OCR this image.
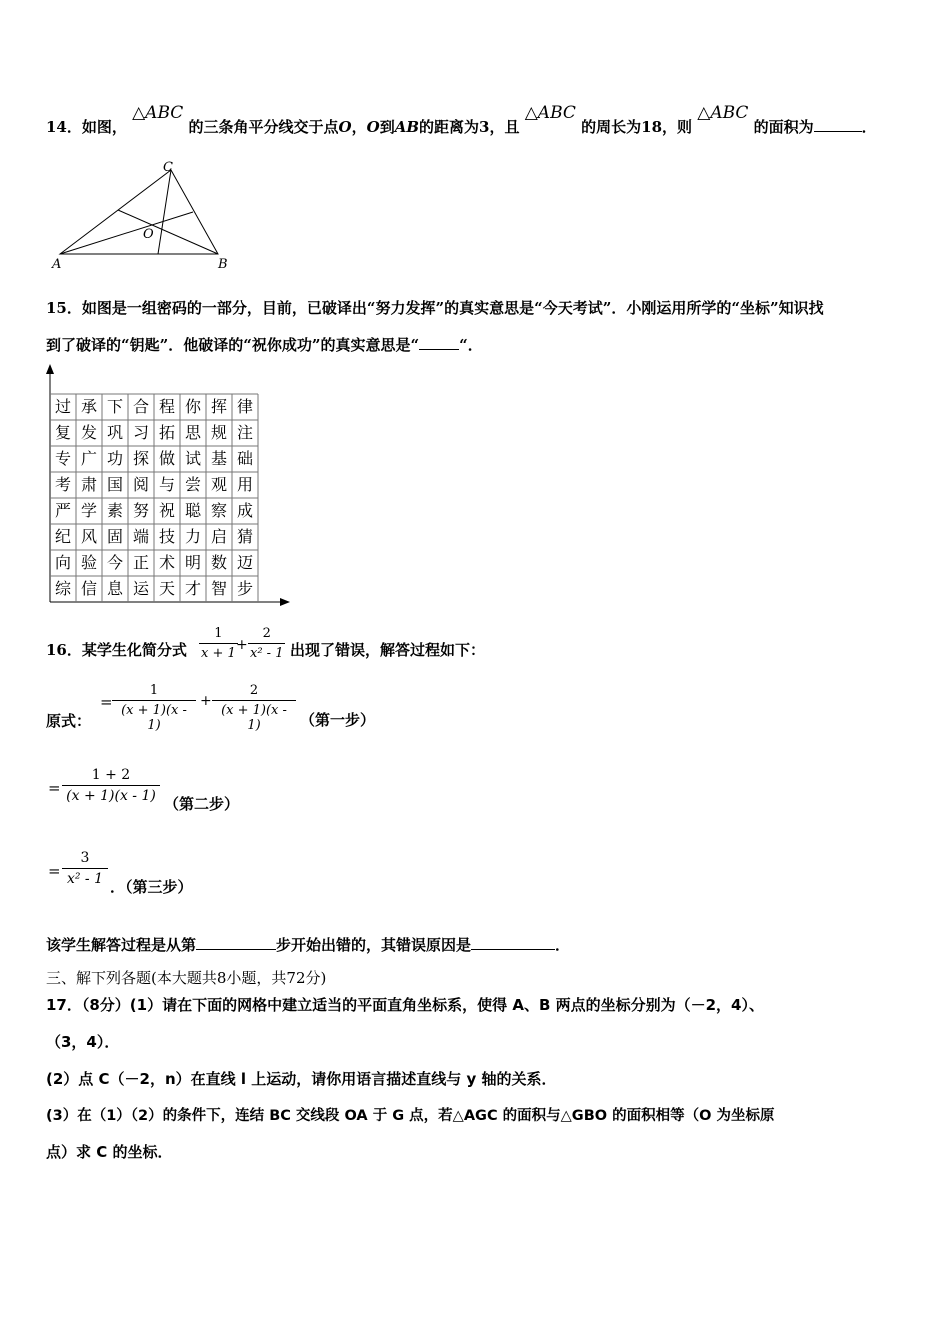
14．如图， △ABC 的三条角平分线交于点O，O到AB的距离为3，且 △ABC 的周长为18，则 △ABC 的面积为	．
A	B
C
O
15．如图是一组密码的一部分，目前，已破译出“努力发挥”的真实意思是“今天考试”．小刚运用所学的“坐标”知识找
到了破译的“钥匙”．他破译的“祝你成功”的真实意思是“	“．
过 承 下 合 程 你 挥 律
复 发 巩 习 拓 思 规 注
专 广 功 探 做 试 基 础
考 肃 国 阅 与 尝 观 用
严 学 素 努 祝 聪 察 成
纪 风 固 端 技 力 启 猜
向 验 今 正 术 明 数 迈
综 信 息 运 天 才 智 步
16．某学生化简分式 $\frac{1}{x + 1}$
+ $\frac{2}{\text{x² - 1}}$ 出现了错误，解答过程如下：
原式：
= $\frac{1}{(x + 1)(x - 1)} + \frac{2}{(x + 1)(x - 1)}$ （第一步）
= $\frac{1 + 2}{(x + 1)(x - 1)}$ （第二步）
= $\frac{3}{\text{x² - 1}}$ ．（第三步）
该学生解答过程是从第	步开始出错的，其错误原因是	．
三、解下列各题(本大题共8小题，共72分)
17．（8分）(1）请在下面的网格中建立适当的平面直角坐标系，使得 A、B 两点的坐标分别为（－2，4）、
（3，4）．
(2）点 C（－2，n）在直线 l 上运动，请你用语言描述直线与 y 轴的关系．
(3）在（1）（2）的条件下，连结 BC 交线段 OA 于 G 点，若△AGC 的面积与△GBO 的面积相等（O 为坐标原
点）求 C 的坐标．
